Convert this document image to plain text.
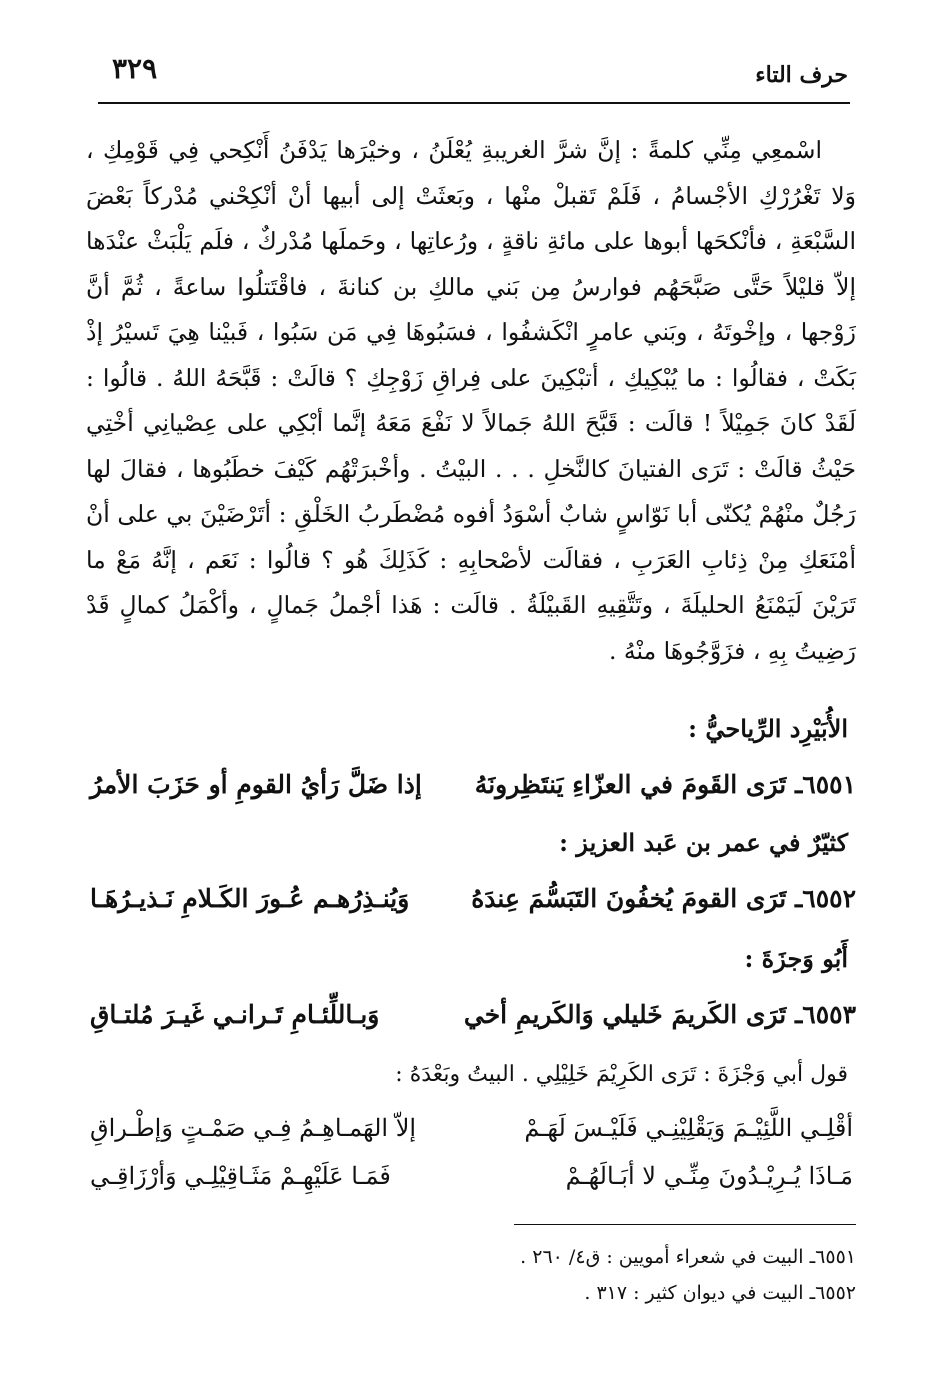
حرف التاء
٣٢٩

اسْمعِي مِنِّي كلمةً : إنَّ شرَّ الغريبةِ يُعْلَنُ ، وخيْرَها يَدْفَنُ أَنْكِحي فِي قَوْمِكِ ، وَلا تَغْرُرْكِ الأجْسامُ ، فَلَمْ تَقبلْ منْها ، وبَعثَتْ إلى أبيها أنْ أنْكِحْني مُدْركاً بَعْضَ السَّبْعَةِ ، فأنْكحَها أبوها على مائةِ ناقةٍ ، ورُعاتِها ، وحَملَها مُدْركٌ ، فلَم يَلْبَثْ عنْدَها إلاّ قليْلاً حَتَّى صَبَّحَهُم فوارسُ مِن بَني مالكِ بن كنانةَ ، فاقْتَتلُوا ساعةً ، ثُمَّ أنَّ زَوْجها ، وإخْوتَهُ ، وبَني عامرٍ انْكَشفُوا ، فسَبُوهَا فِي مَن سَبُوا ، فَبيْنا هِيَ تَسيْرُ إذْ بَكَتْ ، فقالُوا : ما يُبْكِيكِ ، أتبْكِينَ على فِراقِ زَوْجِكِ ؟ قالَتْ : قَبَّحَهُ اللهُ . قالُوا : لَقَدْ كانَ جَمِيْلاً ! قالَت : قَبَّحَ اللهُ جَمالاً لا نَفْعَ مَعَهُ إنَّما أبْكِي على عِصْيانِي أخْتِي حَيْثُ قالَتْ : تَرَى الفتيانَ كالنَّخلِ . . . البيْتُ . وأخْبرَتْهُم كَيْفَ خطَبُوها ، فقالَ لها رَجُلٌ منْهُمْ يُكنّى أبا نَوّاسٍ شابٌ أسْوَدُ أفوه مُضْطَربُ الخَلْقِ : أتَرْضَيْنَ بي على أنْ أمْنَعَكِ مِنْ ذِئابِ العَرَبِ ، فقالَت لأصْحابِهِ : كَذَلِكَ هُو ؟ قالُوا : نَعَم ، إنَّهُ مَعْ ما تَرَيْنَ لَيَمْنَعُ الحليلَةَ ، وتَتَّقِيهِ القَبيْلَةُ . قالَت : هَذا أجْملُ جَمالٍ ، وأكْمَلُ كمالٍ قَدْ رَضِيتُ بِهِ ، فزَوَّجُوهَا منْهُ .

الأُبَيْرِد الرِّياحيُّ :
٦٥٥١ـ تَرَى القَومَ في العزّاءِ يَنتَظِرونَهُ
إذا ضَلَّ رَأيُ القومِ أو حَزَبَ الأمرُ
كثيّرٌ في عمر بن عَبد العزيز :
٦٥٥٢ـ تَرَى القومَ يُخفُونَ التَبَسُّمَ عِندَهُ
وَيُنـذِرُهـم عُـورَ الكَـلامِ نَـذيـرُهَـا
أَبُو وَجزَةَ :
٦٥٥٣ـ تَرَى الكَريمَ خَليلي وَالكَريمِ أخي
وَبـاللِّئـامِ تَـرانـي غَيـرَ مُلتـاقِ
قول أبي وَجْزَةَ : تَرَى الكَرِيْمَ خَلِيْلِي . البيتُ وبَعْدَهُ :
أقْلِـي اللَّئِيْـمَ وَيَقْلِيْنِـي فَلَيْـسَ لَهَـمْ
إلاّ الهَمـاهِـمُ فِـي صَمْـتٍ وَإطْـراقِ
مَـاذَا يُـرِيْـدُونَ مِنِّـي لا أبَـالَهُـمْ
فَمَـا عَلَيْهِـمْ مَثَـاقِيْلِـي وَأرْزَاقِـي
٦٥٥١ـ البيت في شعراء أمويين : ق٤/ ٢٦٠ .
٦٥٥٢ـ البيت في ديوان كثير : ٣١٧ .
